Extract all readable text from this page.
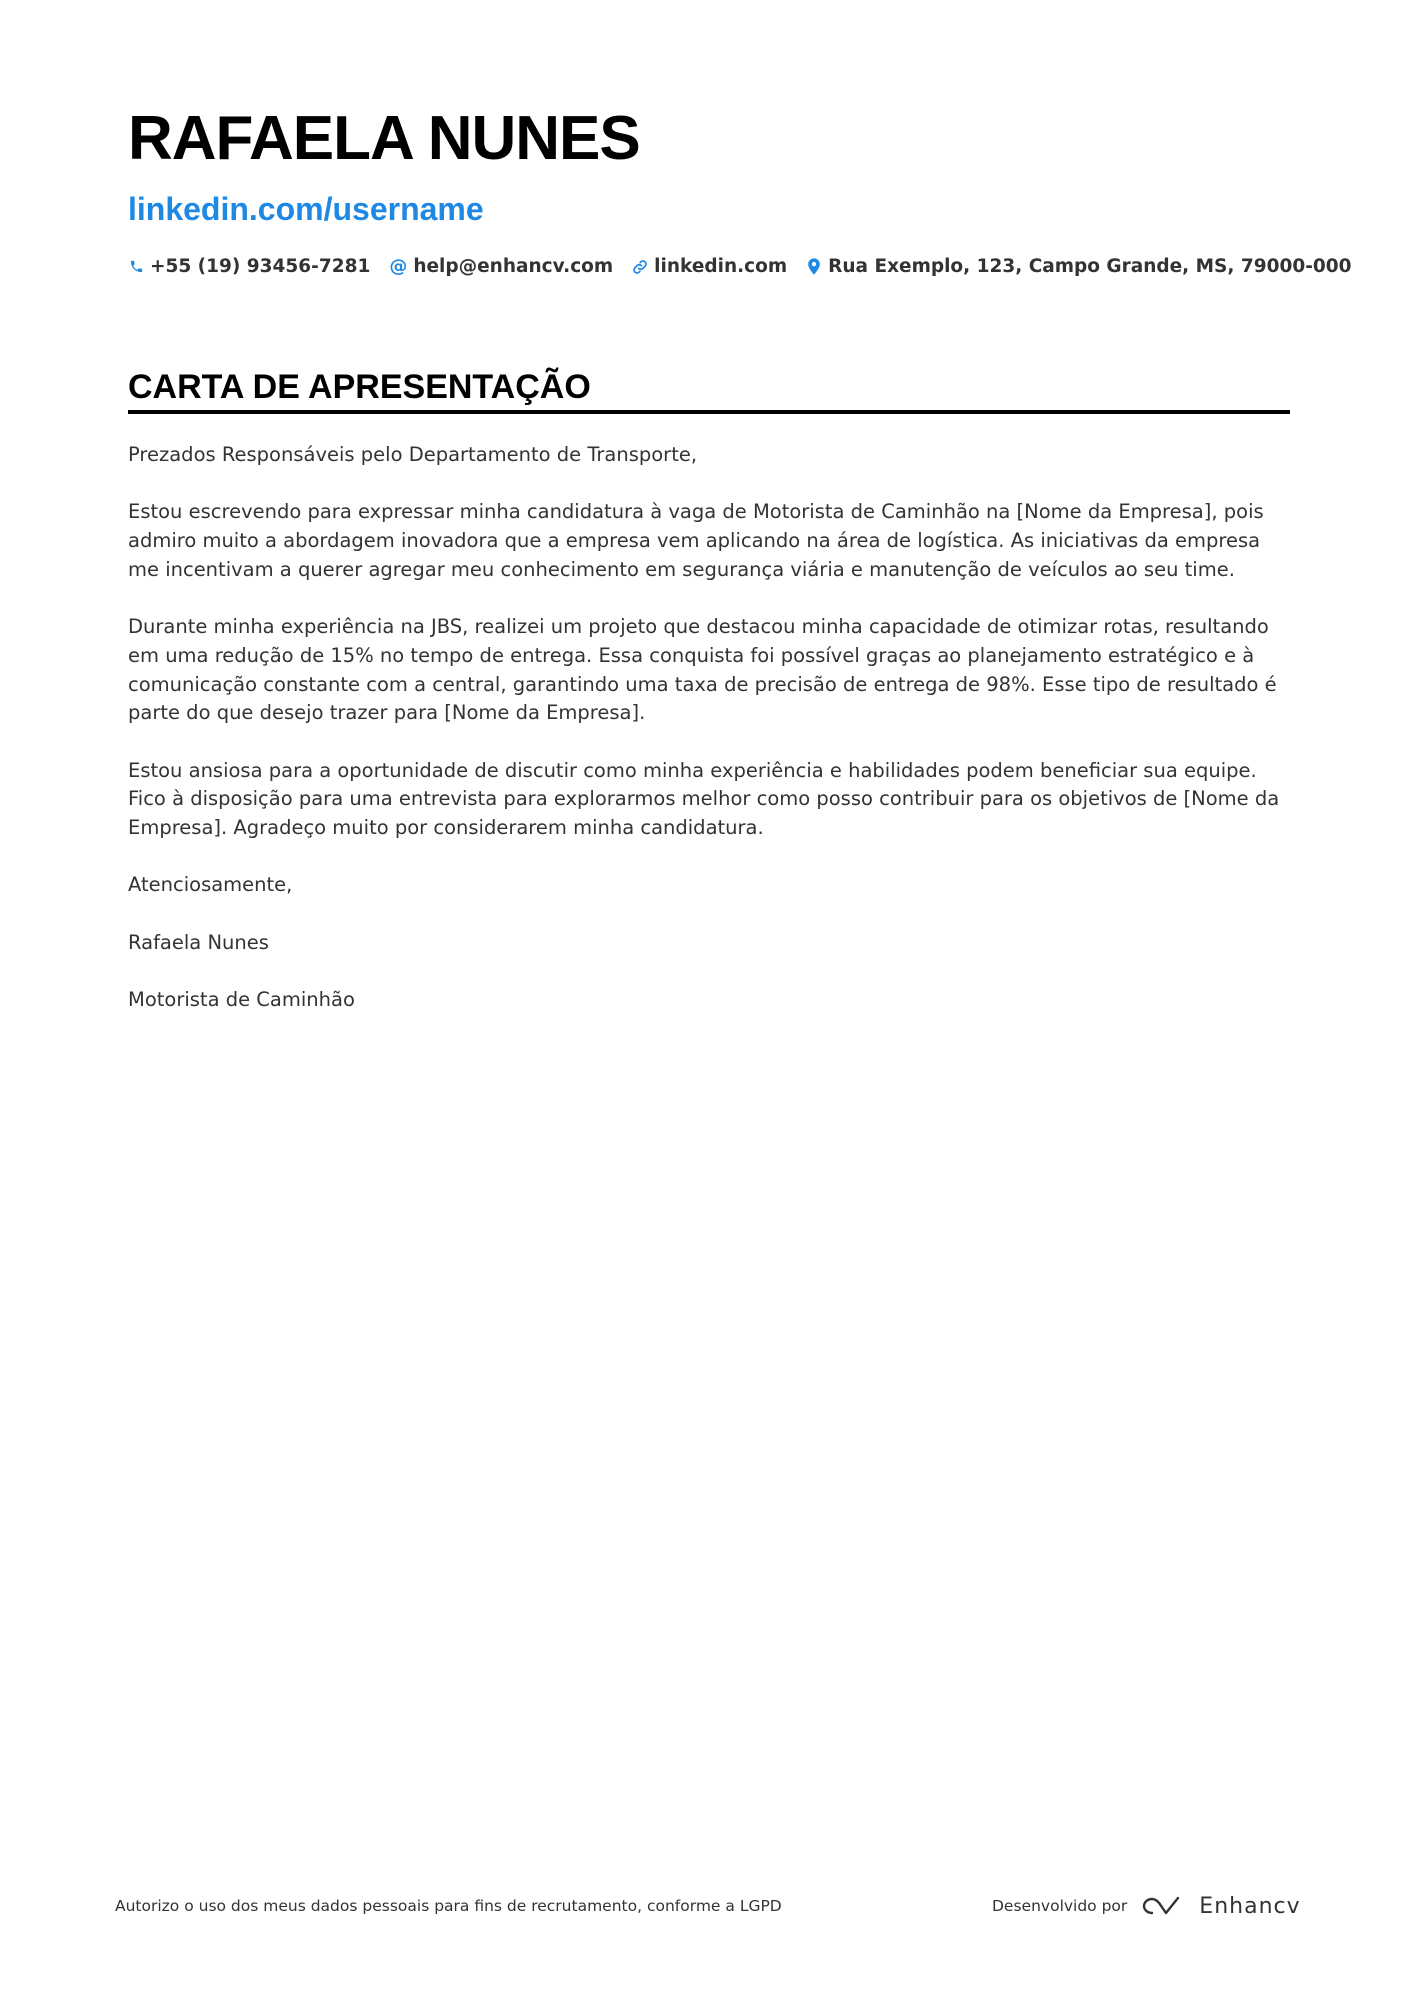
RAFAELA NUNES
linkedin.com/username
+55 (19) 93456-7281 @ help@enhancv.com linkedin.com Rua Exemplo, 123, Campo Grande, MS, 79000-000
CARTA DE APRESENTAÇÃO

Prezados Responsáveis pelo Departamento de Transporte,

Estou escrevendo para expressar minha candidatura à vaga de Motorista de Caminhão na [Nome da Empresa], pois admiro muito a abordagem inovadora que a empresa vem aplicando na área de logística. As iniciativas da empresa me incentivam a querer agregar meu conhecimento em segurança viária e manutenção de veículos ao seu time.

Durante minha experiência na JBS, realizei um projeto que destacou minha capacidade de otimizar rotas, resultando em uma redução de 15% no tempo de entrega. Essa conquista foi possível graças ao planejamento estratégico e à comunicação constante com a central, garantindo uma taxa de precisão de entrega de 98%. Esse tipo de resultado é parte do que desejo trazer para [Nome da Empresa].

Estou ansiosa para a oportunidade de discutir como minha experiência e habilidades podem beneficiar sua equipe. Fico à disposição para uma entrevista para explorarmos melhor como posso contribuir para os objetivos de [Nome da Empresa]. Agradeço muito por considerarem minha candidatura.

Atenciosamente,

Rafaela Nunes

Motorista de Caminhão

Autorizo o uso dos meus dados pessoais para fins de recrutamento, conforme a LGPD	Desenvolvido por	Enhancv
